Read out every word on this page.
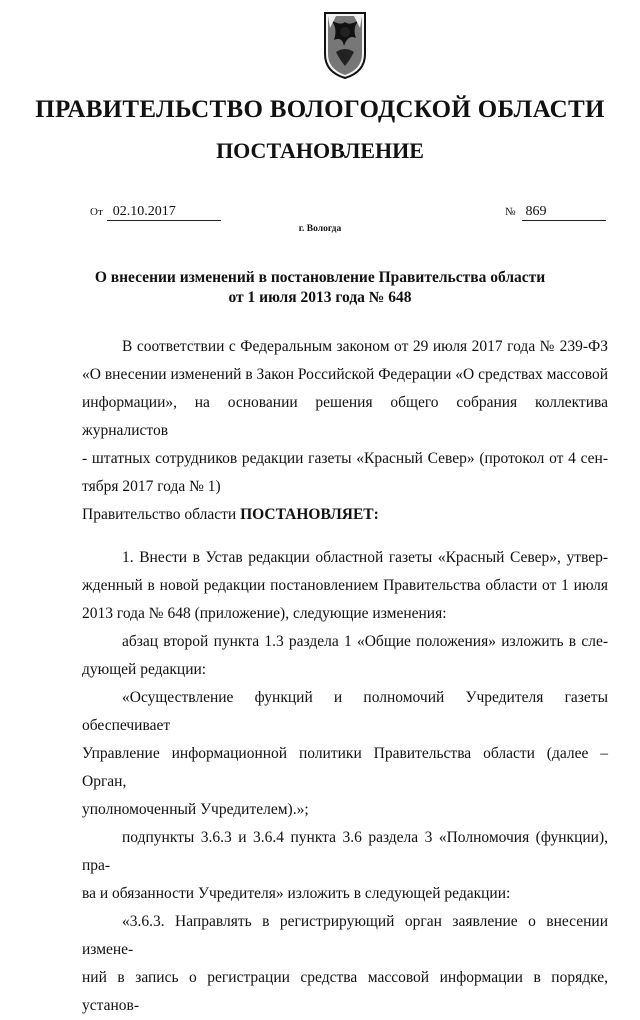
ПРАВИТЕЛЬСТВО ВОЛОГОДСКОЙ ОБЛАСТИ
ПОСТАНОВЛЕНИЕ
От 02.10.2017	№ 869
г. Вологда
О внесении изменений в постановление Правительства области
от 1 июля 2013 года № 648

В соответствии с Федеральным законом от 29 июля 2017 года № 239-ФЗ

«О внесении изменений в Закон Российской Федерации «О средствах массовой

информации», на основании решения общего собрания коллектива журналистов

- штатных сотрудников редакции газеты «Красный Север» (протокол от 4 сен-

тября 2017 года № 1)

Правительство области ПОСТАНОВЛЯЕТ:

1. Внести в Устав редакции областной газеты «Красный Север», утвер-

жденный в новой редакции постановлением Правительства области от 1 июля

2013 года № 648 (приложение), следующие изменения:

абзац второй пункта 1.3 раздела 1 «Общие положения» изложить в сле-

дующей редакции:

«Осуществление функций и полномочий Учредителя газеты обеспечивает

Управление информационной политики Правительства области (далее – Орган,

уполномоченный Учредителем).»;

подпункты 3.6.3 и 3.6.4 пункта 3.6 раздела 3 «Полномочия (функции), пра-

ва и обязанности Учредителя» изложить в следующей редакции:

«3.6.3. Направлять в регистрирующий орган заявление о внесении измене-

ний в запись о регистрации средства массовой информации в порядке, установ-
